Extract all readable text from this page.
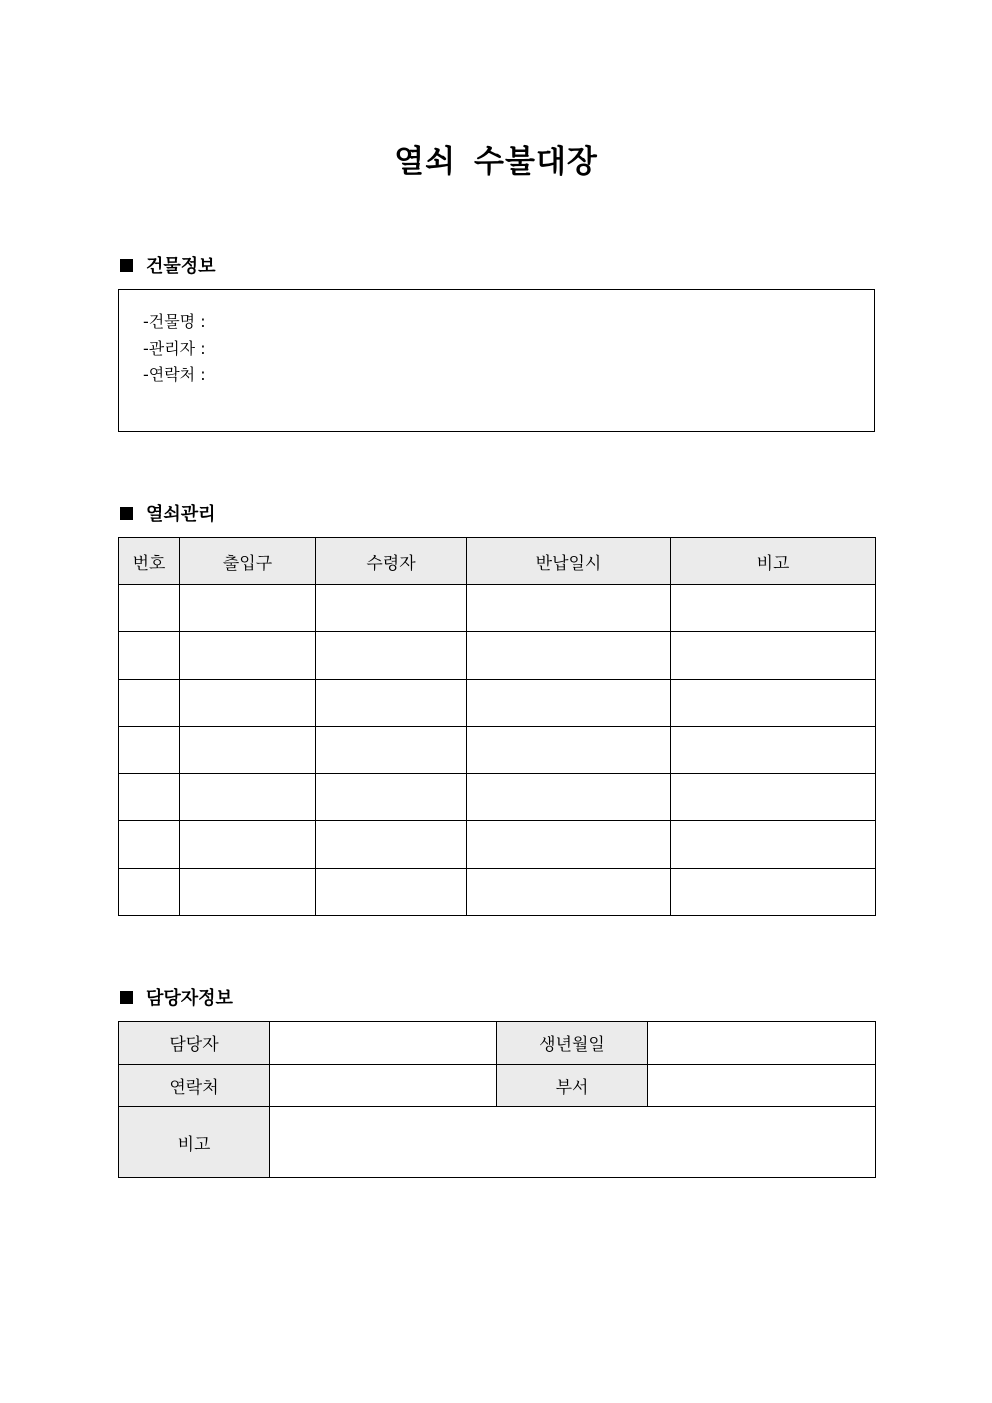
열쇠 수불대장
건물정보
-건물명 :
-관리자 :
-연락처 :
열쇠관리
번호	출입구	수령자	반납일시	비고

담당자정보
담당자		생년월일	
연락처		부서	
비고			
